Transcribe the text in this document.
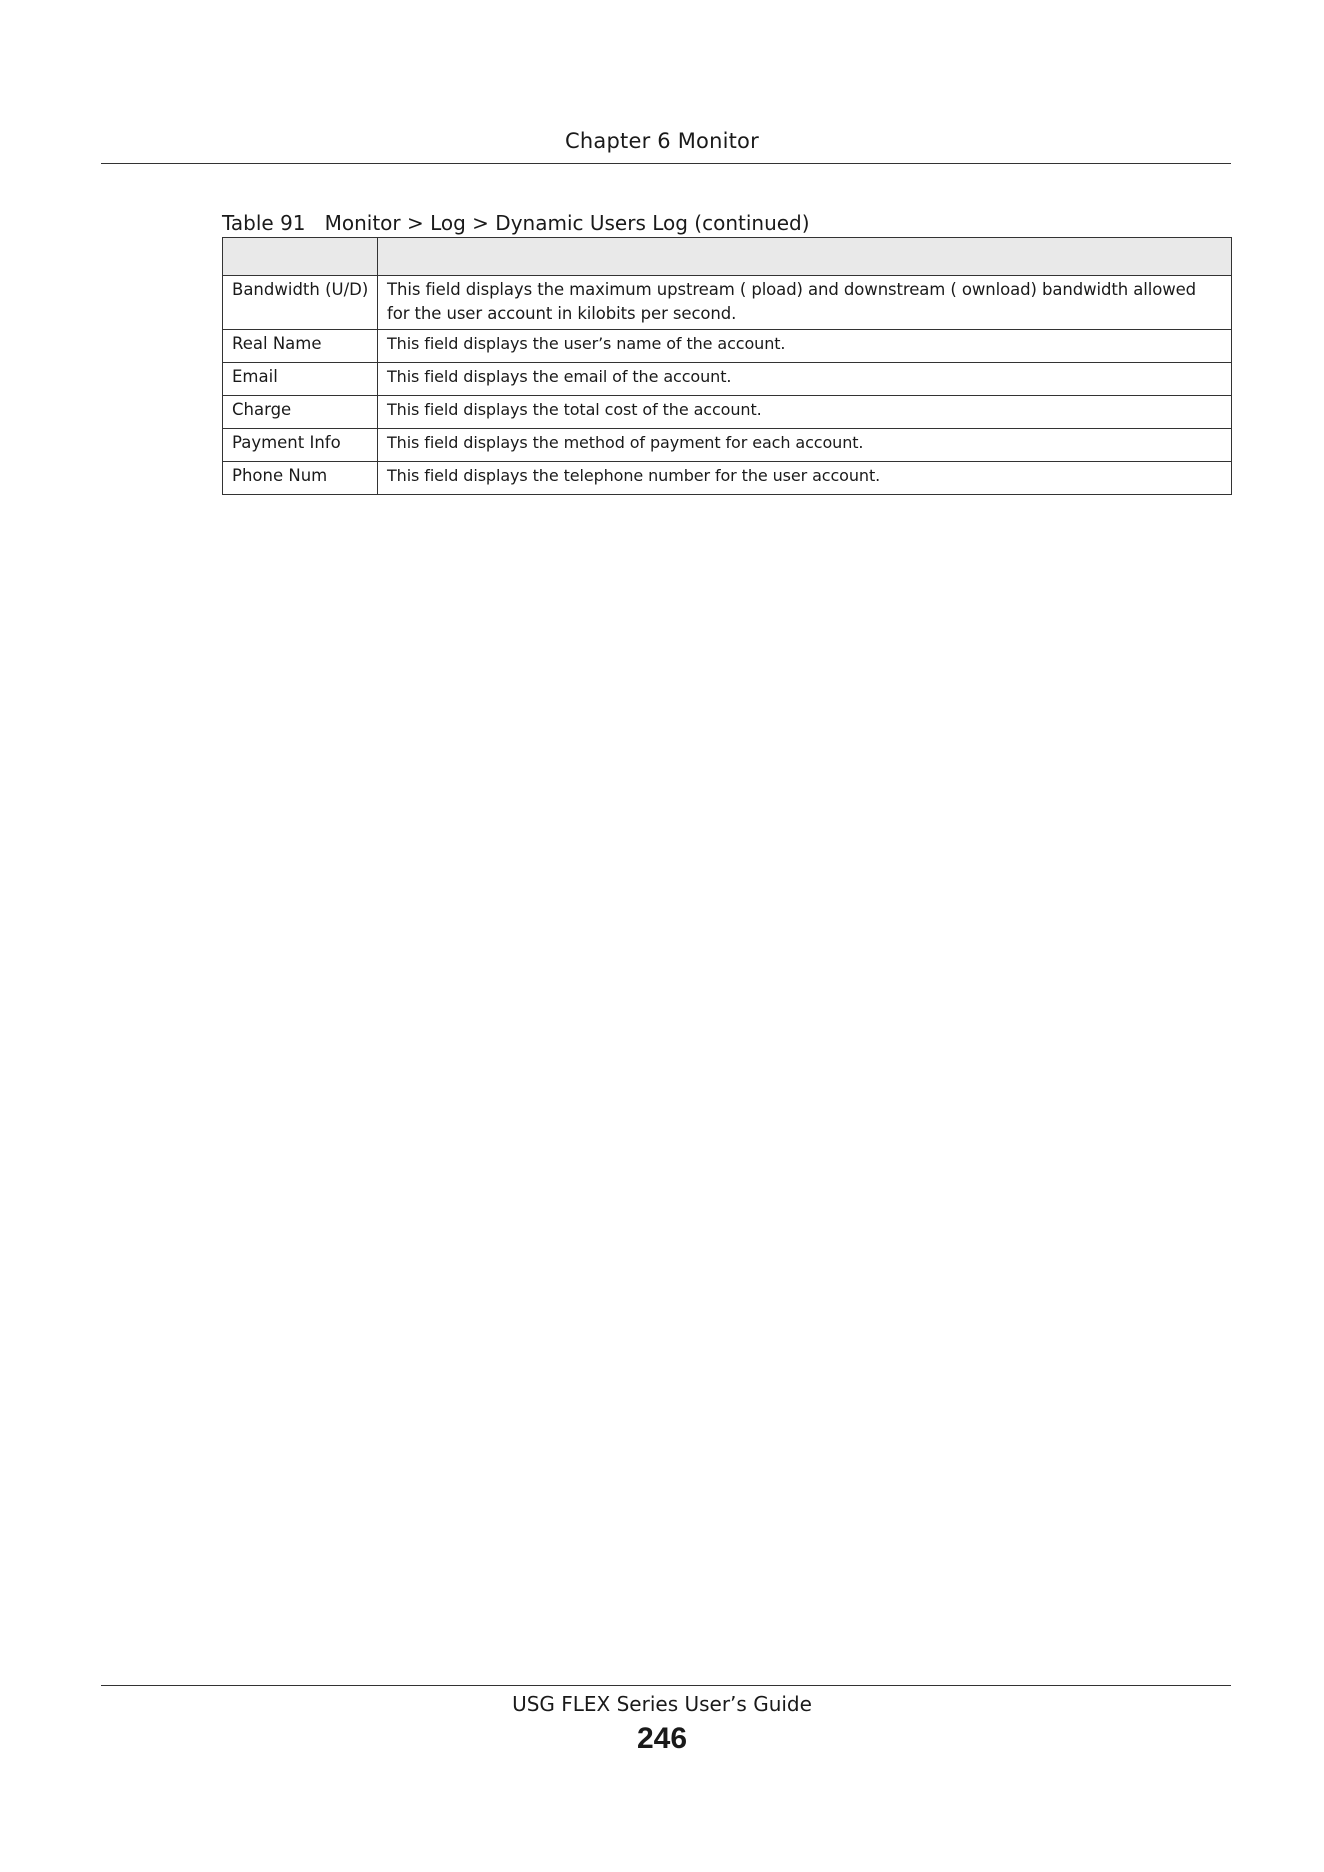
Chapter 6 Monitor
Table 91   Monitor > Log > Dynamic Users Log (continued)

Bandwidth (U/D)	This field displays the maximum upstream ( pload) and downstream ( ownload) bandwidth allowed for the user account in kilobits per second.
Real Name	This field displays the user’s name of the account.
Email	This field displays the email of the account.
Charge	This field displays the total cost of the account.
Payment Info	This field displays the method of payment for each account.
Phone Num	This field displays the telephone number for the user account.
USG FLEX Series User’s Guide
246
